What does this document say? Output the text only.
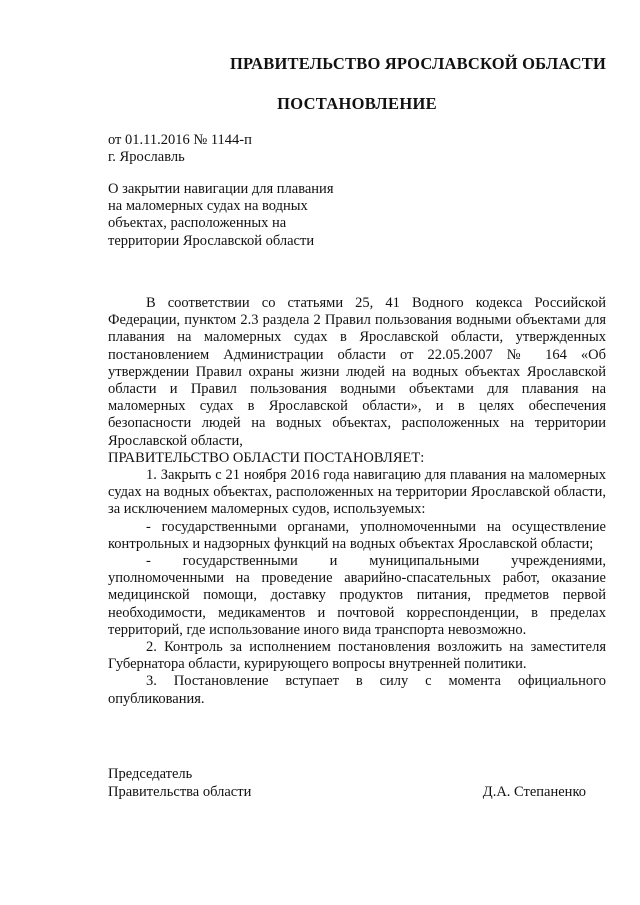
ПРАВИТЕЛЬСТВО ЯРОСЛАВСКОЙ ОБЛАСТИ
ПОСТАНОВЛЕНИЕ
от 01.11.2016 № 1144-п
г. Ярославль
О закрытии навигации для плавания на маломерных судах на водных объектах, расположенных на территории Ярославской области

В соответствии со статьями 25, 41 Водного кодекса Российской Федерации, пунктом 2.3 раздела 2 Правил пользования водными объектами для плавания на маломерных судах в Ярославской области, утвержденных постановлением Администрации области от 22.05.2007 № 164 «Об утверждении Правил охраны жизни людей на водных объектах Ярославской области и Правил пользования водными объектами для плавания на маломерных судах в Ярославской области», и в целях обеспечения безопасности людей на водных объектах, расположенных на территории Ярославской области,

ПРАВИТЕЛЬСТВО ОБЛАСТИ ПОСТАНОВЛЯЕТ:

1. Закрыть с 21 ноября 2016 года навигацию для плавания на маломерных судах на водных объектах, расположенных на территории Ярославской области, за исключением маломерных судов, используемых:

- государственными органами, уполномоченными на осуществление контрольных и надзорных функций на водных объектах Ярославской области;

- государственными и муниципальными учреждениями, уполномоченными на проведение аварийно-спасательных работ, оказание медицинской помощи, доставку продуктов питания, предметов первой необходимости, медикаментов и почтовой корреспонденции, в пределах территорий, где использование иного вида транспорта невозможно.

2. Контроль за исполнением постановления возложить на заместителя Губернатора области, курирующего вопросы внутренней политики.

3. Постановление вступает в силу с момента официального опубликования.

Председатель
Правительства области	Д.А. Степаненко
